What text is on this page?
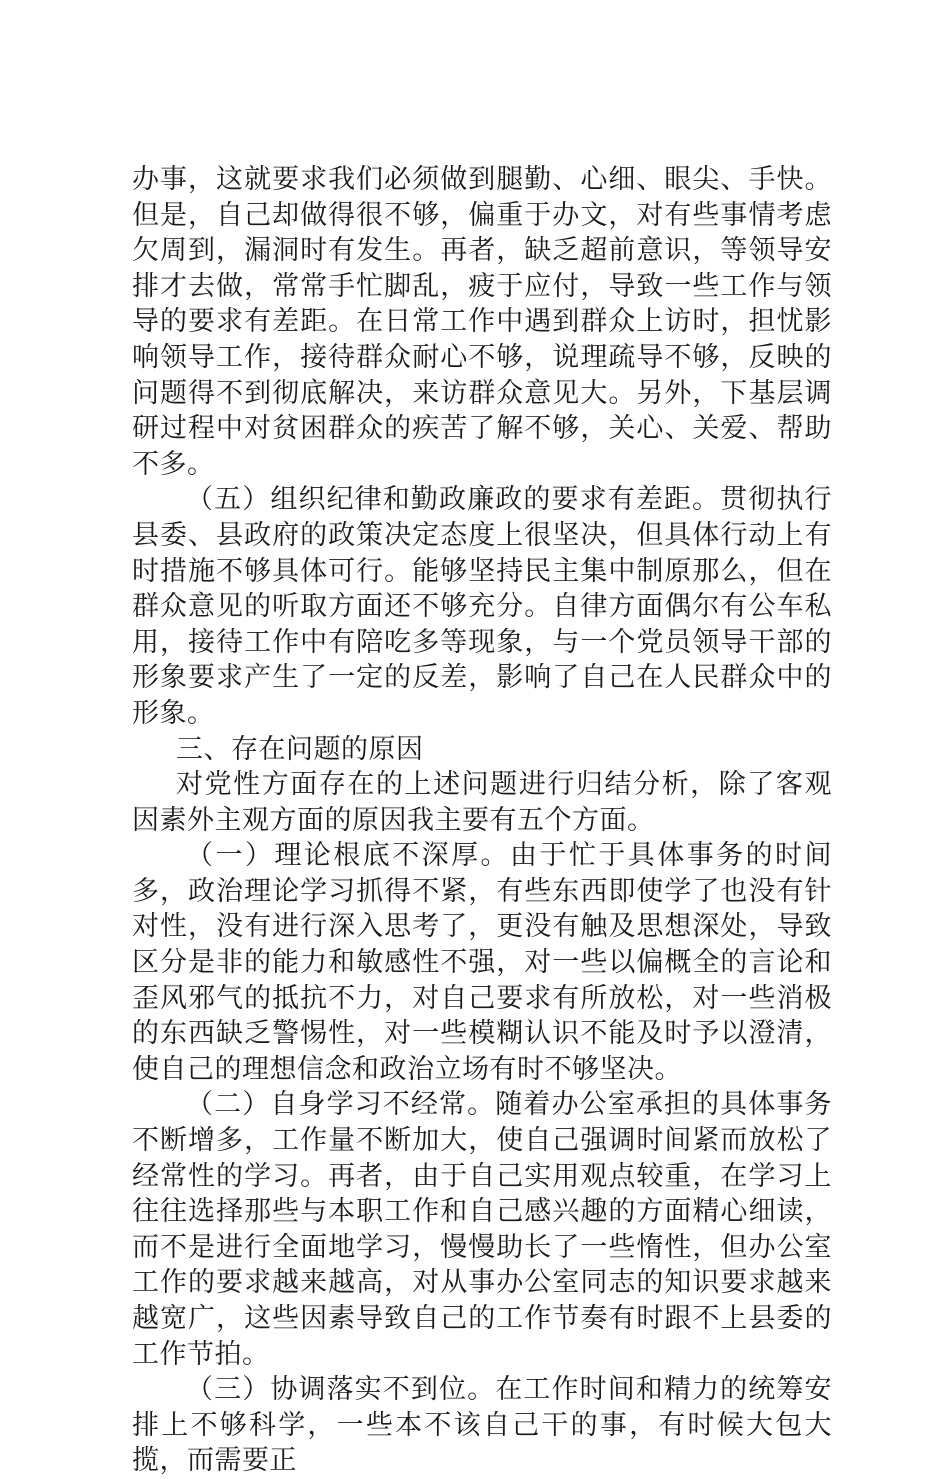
办事，这就要求我们必须做到腿勤、心细、眼尖、手快。但是，自己却做得很不够，偏重于办文，对有些事情考虑欠周到，漏洞时有发生。再者，缺乏超前意识，等领导安排才去做，常常手忙脚乱，疲于应付，导致一些工作与领导的要求有差距。在日常工作中遇到群众上访时，担忧影响领导工作，接待群众耐心不够，说理疏导不够，反映的问题得不到彻底解决，来访群众意见大。另外，下基层调研过程中对贫困群众的疾苦了解不够，关心、关爱、帮助不多。

（五）组织纪律和勤政廉政的要求有差距。贯彻执行县委、县政府的政策决定态度上很坚决，但具体行动上有时措施不够具体可行。能够坚持民主集中制原那么，但在群众意见的听取方面还不够充分。自律方面偶尔有公车私用，接待工作中有陪吃多等现象，与一个党员领导干部的形象要求产生了一定的反差，影响了自己在人民群众中的形象。

三、存在问题的原因

对党性方面存在的上述问题进行归结分析，除了客观因素外主观方面的原因我主要有五个方面。

（一）理论根底不深厚。由于忙于具体事务的时间多，政治理论学习抓得不紧，有些东西即使学了也没有针对性，没有进行深入思考了，更没有触及思想深处，导致区分是非的能力和敏感性不强，对一些以偏概全的言论和歪风邪气的抵抗不力，对自己要求有所放松，对一些消极的东西缺乏警惕性，对一些模糊认识不能及时予以澄清，使自己的理想信念和政治立场有时不够坚决。

（二）自身学习不经常。随着办公室承担的具体事务不断增多，工作量不断加大，使自己强调时间紧而放松了经常性的学习。再者，由于自己实用观点较重，在学习上往往选择那些与本职工作和自己感兴趣的方面精心细读，而不是进行全面地学习，慢慢助长了一些惰性，但办公室工作的要求越来越高，对从事办公室同志的知识要求越来越宽广，这些因素导致自己的工作节奏有时跟不上县委的工作节拍。

（三）协调落实不到位。在工作时间和精力的统筹安排上不够科学，一些本不该自己干的事，有时候大包大揽，而需要正
